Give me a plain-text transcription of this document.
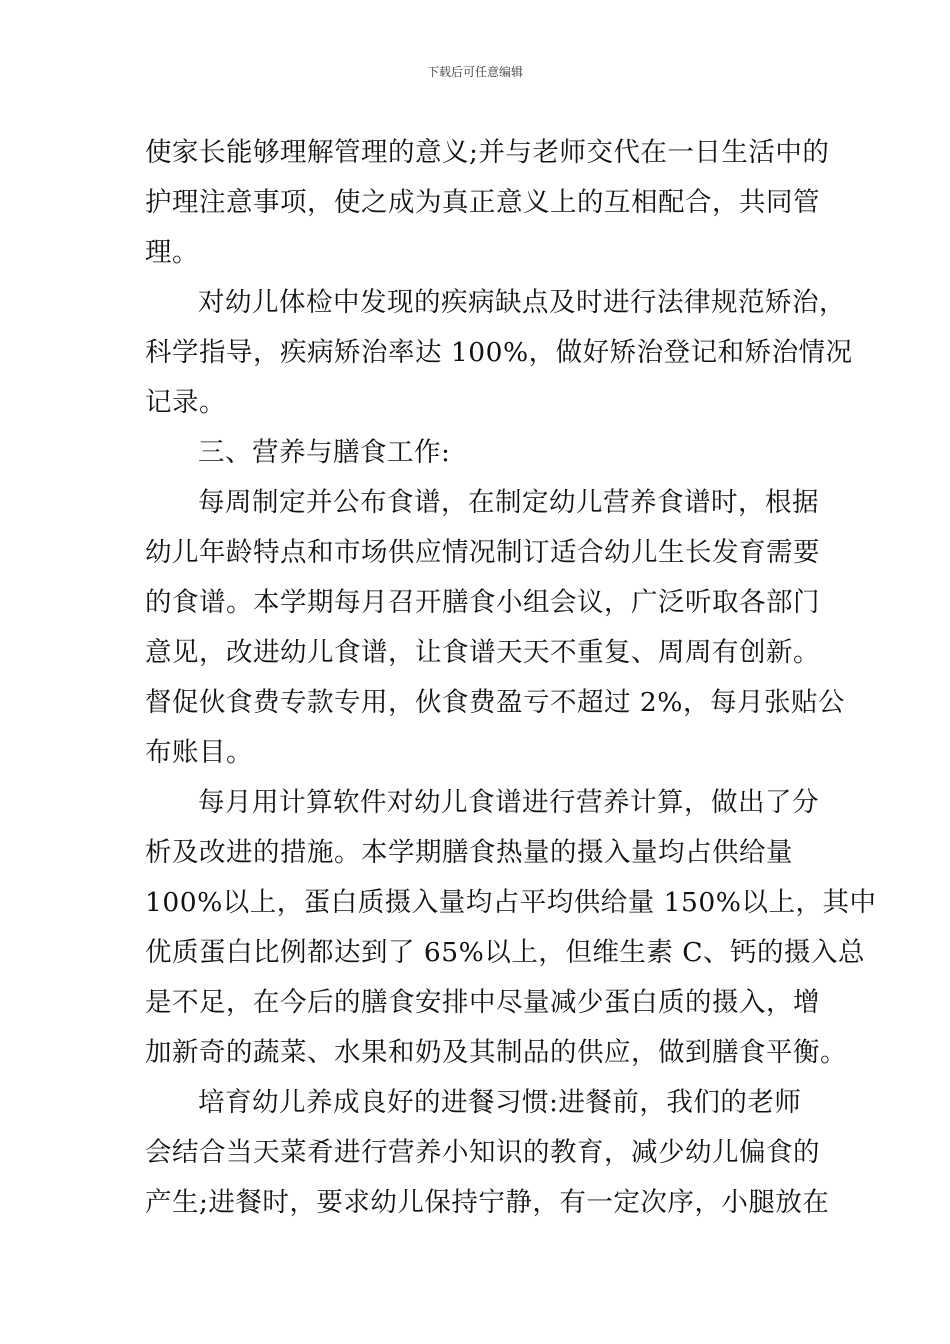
下载后可任意编辑

使家长能够理解管理的意义;并与老师交代在一日生活中的
护理注意事项，使之成为真正意义上的互相配合，共同管
理。

对幼儿体检中发现的疾病缺点及时进行法律规范矫治，
科学指导，疾病矫治率达 100%，做好矫治登记和矫治情况
记录。

三、营养与膳食工作:

每周制定并公布食谱，在制定幼儿营养食谱时，根据
幼儿年龄特点和市场供应情况制订适合幼儿生长发育需要
的食谱。本学期每月召开膳食小组会议，广泛听取各部门
意见，改进幼儿食谱，让食谱天天不重复、周周有创新。
督促伙食费专款专用，伙食费盈亏不超过 2%，每月张贴公
布账目。

每月用计算软件对幼儿食谱进行营养计算，做出了分
析及改进的措施。本学期膳食热量的摄入量均占供给量
100%以上，蛋白质摄入量均占平均供给量 150%以上，其中
优质蛋白比例都达到了 65%以上，但维生素 C、钙的摄入总
是不足，在今后的膳食安排中尽量减少蛋白质的摄入，增
加新奇的蔬菜、水果和奶及其制品的供应，做到膳食平衡。

培育幼儿养成良好的进餐习惯:进餐前，我们的老师
会结合当天菜肴进行营养小知识的教育，减少幼儿偏食的
产生;进餐时，要求幼儿保持宁静，有一定次序，小腿放在
